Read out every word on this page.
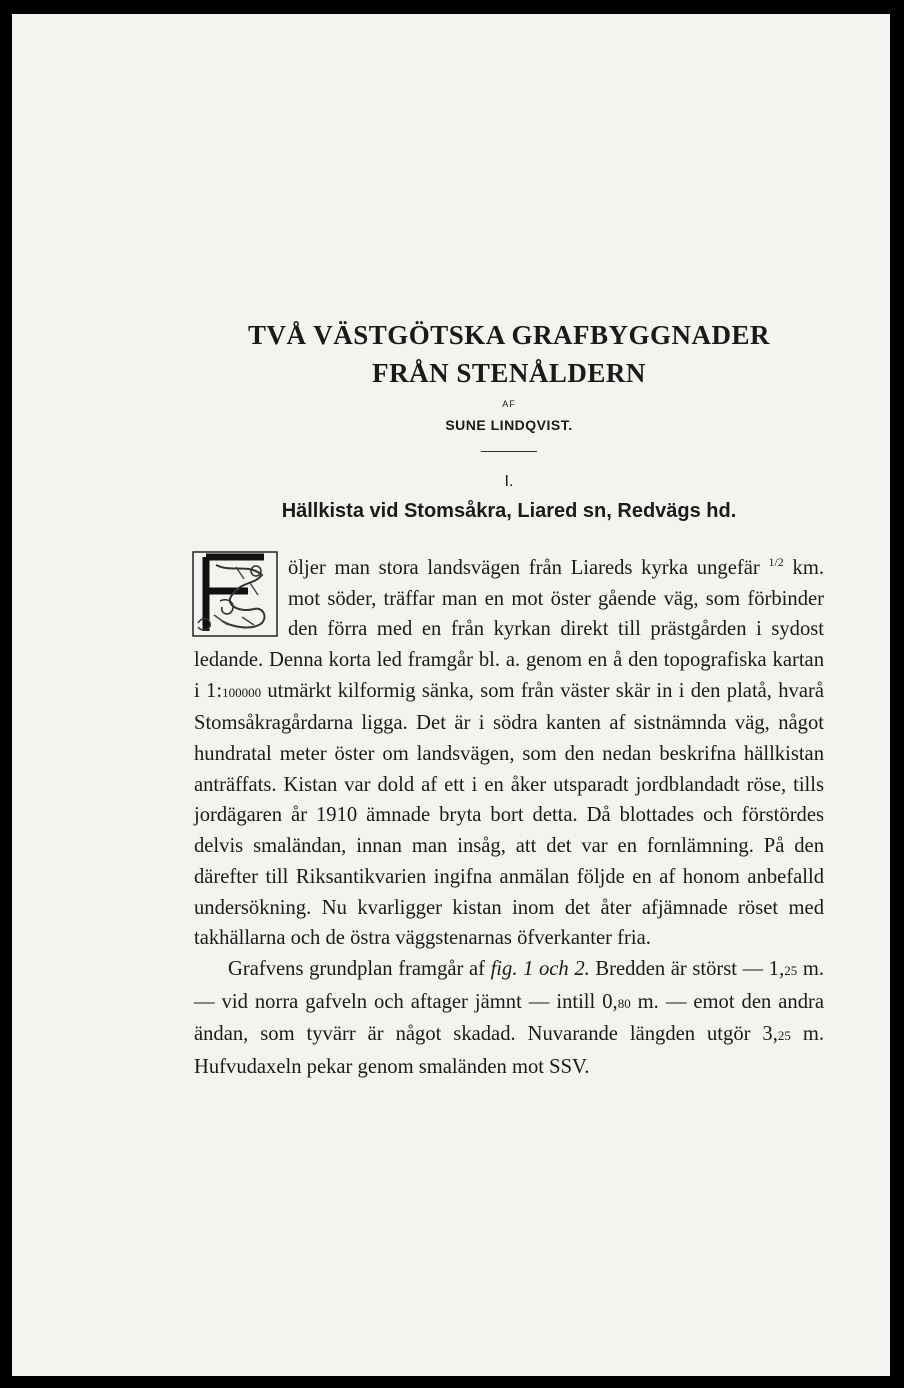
TVÅ VÄSTGÖTSKA GRAFBYGGNADER
FRÅN STENÅLDERN
AF
SUNE LINDQVIST.
I.
Hällkista vid Stomsåkra, Liared sn, Redvägs hd.

öljer man stora landsvägen från Liareds kyrka ungefär $^{1/2}$ km. mot söder, träffar man en mot öster gående väg, som förbinder den förra med en från kyrkan direkt till prästgården i sydost ledande. Denna korta led framgår bl. a. genom en å den topografiska kartan i 1:100000 utmärkt kilformig sänka, som från väster skär in i den platå, hvarå Stomsåkragårdarna ligga. Det är i södra kanten af sistnämnda väg, något hundratal meter öster om landsvägen, som den nedan beskrifna hällkistan anträffats. Kistan var dold af ett i en åker utsparadt jordblandadt röse, tills jordägaren år 1910 ämnade bryta bort detta. Då blottades och förstördes delvis smaländan, innan man insåg, att det var en fornlämning. På den därefter till Riksantikvarien ingifna anmälan följde en af honom anbefalld undersökning. Nu kvarligger kistan inom det åter afjämnade röset med takhällarna och de östra väggstenarnas öfverkanter fria.

Grafvens grundplan framgår af fig. 1 och 2. Bredden är störst — 1,25 m. — vid norra gafveln och aftager jämnt — intill 0,80 m. — emot den andra ändan, som tyvärr är något skadad. Nuvarande längden utgör 3,25 m. Hufvudaxeln pekar genom smaländen mot SSV.
